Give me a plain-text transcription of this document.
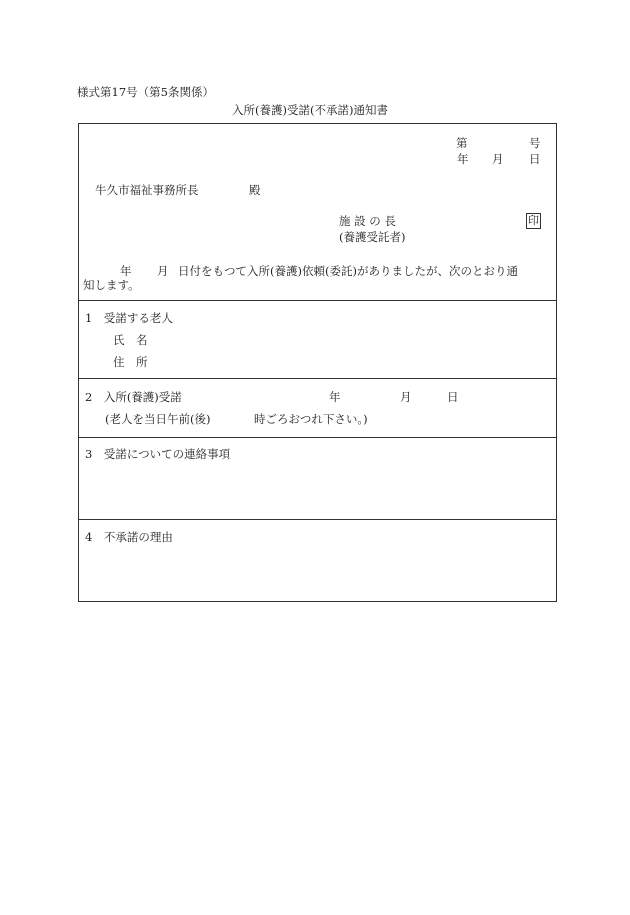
様式第17号（第5条関係）
入所(養護)受諾(不承諾)通知書
第	号
年 月 日
牛久市福祉事務所長	殿
施 設 の 長
(養護受託者)
印
年 月 日付をもつて入所(養護)依頼(委託)がありましたが、次のとおり通
知します。
1　受諾する老人
氏　名
住　所
2　入所(養護)受諾	年	月	日
(老人を当日午前(後)	時ごろおつれ下さい。)
3　受諾についての連絡事項
4　不承諾の理由
